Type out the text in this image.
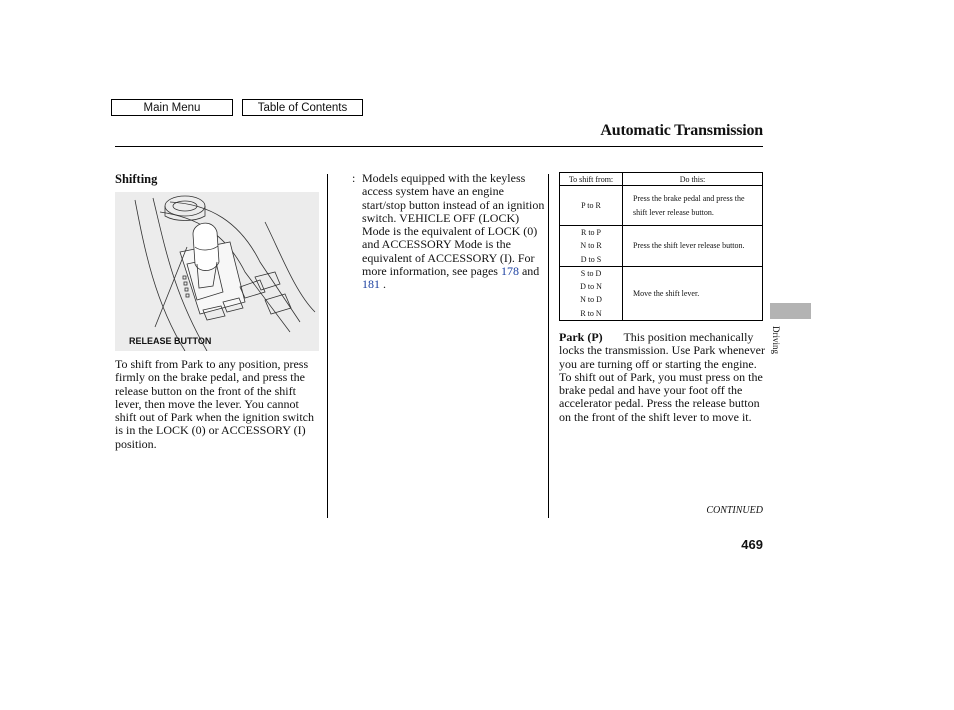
Main Menu	Table of Contents
Automatic Transmission
Shifting
RELEASE BUTTON
To shift from Park to any position, press firmly on the brake pedal, and press the release button on the front of the shift lever, then move the lever. You cannot shift out of Park when the ignition switch is in the LOCK (0) or ACCESSORY (I) position.
: Models equipped with the keyless access system have an engine start/stop button instead of an ignition switch. VEHICLE OFF (LOCK) Mode is the equivalent of LOCK (0) and ACCESSORY Mode is the equivalent of ACCESSORY (I). For more information, see pages 178 and 181 .
To shift from:	Do this:
P to R	Press the brake pedal and press the shift lever release button.
R to P
N to R
D to S	Press the shift lever release button.
S to D
D to N
N to D
R to N	Move the shift lever.
Park (P) This position mechanically locks the transmission. Use Park whenever you are turning off or starting the engine. To shift out of Park, you must press on the brake pedal and have your foot off the accelerator pedal. Press the release button on the front of the shift lever to move it.
CONTINUED
469
Driving
